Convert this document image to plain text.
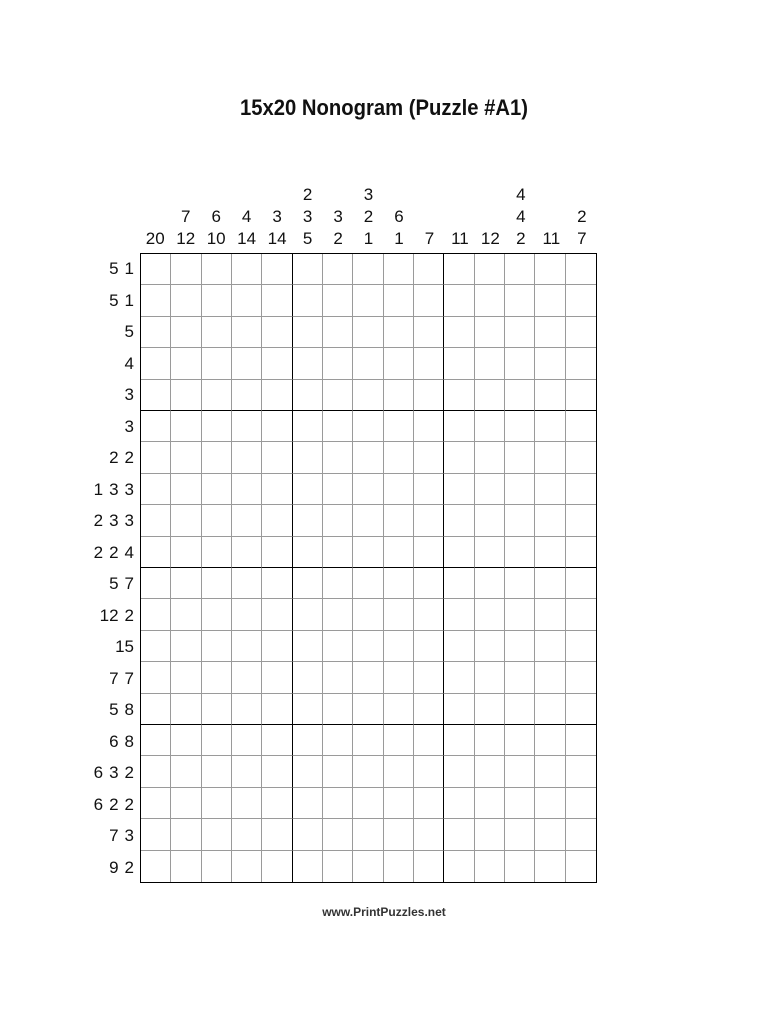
15x20 Nonogram (Puzzle #A1)
20
7
12
6
10
4
14
3
14
2
3
5
3
2
3
2
1
6
1 7 11 12
4
4
2 11
2
7
5 1
5 1
5
4
3
3
2 2
1 3 3
2 3 3
2 2 4
5 7
12 2
15
7 7
5 8
6 8
6 3 2
6 2 2
7 3
9 2
www.PrintPuzzles.net
